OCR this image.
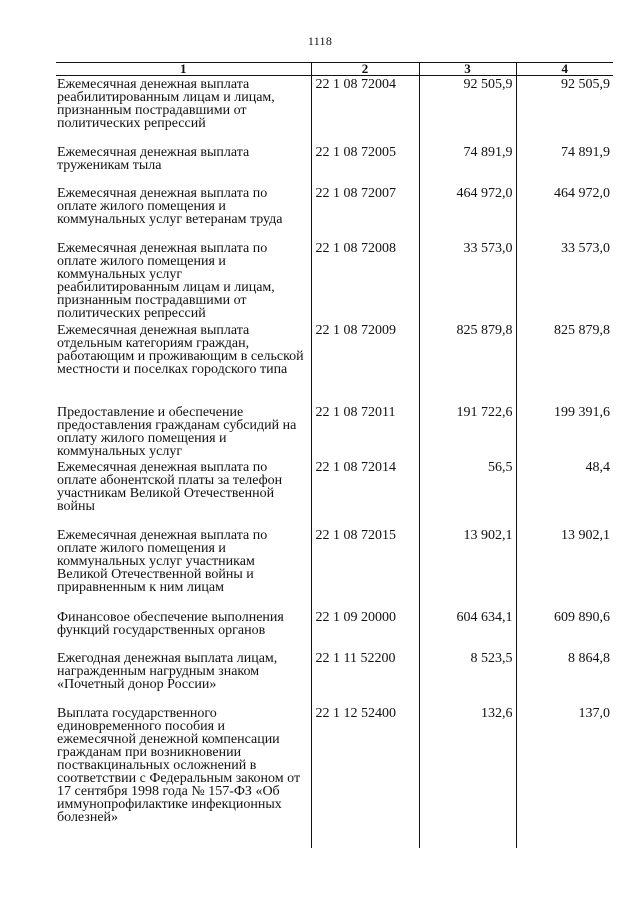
1118
1	2	3	4
Ежемесячная денежная выплата реабилитированным лицам и лицам, признанным пострадавшими от политических репрессий	22 1 08 72004	92 505,9	92 505,9
Ежемесячная денежная выплата труженикам тыла	22 1 08 72005	74 891,9	74 891,9
Ежемесячная денежная выплата по оплате жилого помещения и коммунальных услуг ветеранам труда	22 1 08 72007	464 972,0	464 972,0
Ежемесячная денежная выплата по оплате жилого помещения и коммунальных услуг реабилитированным лицам и лицам, признанным пострадавшими от политических репрессий	22 1 08 72008	33 573,0	33 573,0
Ежемесячная денежная выплата отдельным категориям граждан, работающим и проживающим в сельской местности и поселках городского типа	22 1 08 72009	825 879,8	825 879,8
Предоставление и обеспечение предоставления гражданам субсидий на оплату жилого помещения и коммунальных услуг	22 1 08 72011	191 722,6	199 391,6
Ежемесячная денежная выплата по оплате абонентской платы за телефон участникам Великой Отечественной войны	22 1 08 72014	56,5	48,4
Ежемесячная денежная выплата по оплате жилого помещения и коммунальных услуг участникам Великой Отечественной войны и приравненным к ним лицам	22 1 08 72015	13 902,1	13 902,1
Финансовое обеспечение выполнения функций государственных органов	22 1 09 20000	604 634,1	609 890,6
Ежегодная денежная выплата лицам, награжденным нагрудным знаком «Почетный донор России»	22 1 11 52200	8 523,5	8 864,8
Выплата государственного единовременного пособия и ежемесячной денежной компенсации гражданам при возникновении поствакцинальных осложнений в соответствии с Федеральным законом от 17 сентября 1998 года № 157-ФЗ «Об иммунопрофилактике инфекционных болезней»	22 1 12 52400	132,6	137,0
